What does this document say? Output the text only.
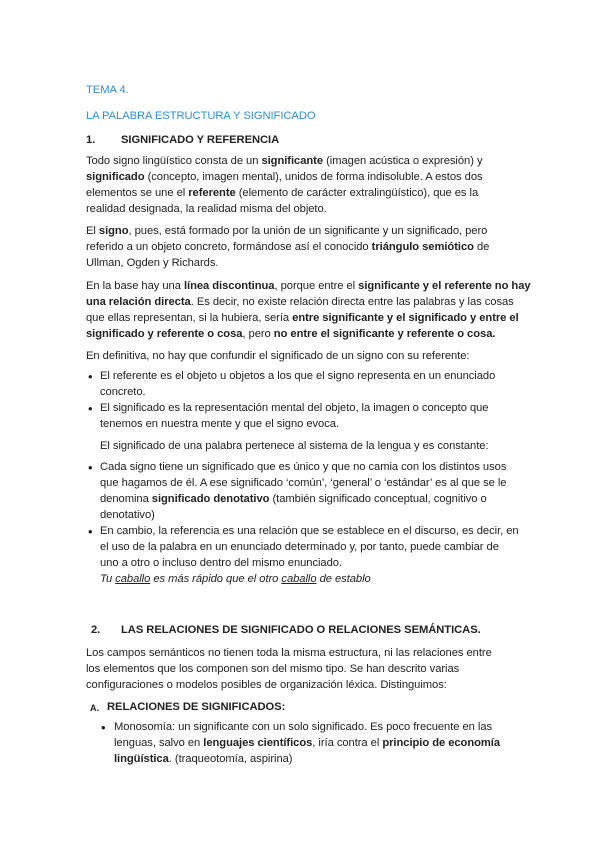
TEMA 4.
LA PALABRA ESTRUCTURA Y SIGNIFICADO
1. SIGNIFICADO Y REFERENCIA
Todo signo lingüístico consta de un significante (imagen acústica o expresión) y
significado (concepto, imagen mental), unidos de forma indisoluble. A estos dos
elementos se une el referente (elemento de carácter extralingüístico), que es la
realidad designada, la realidad misma del objeto.
El signo, pues, está formado por la unión de un significante y un significado, pero
referido a un objeto concreto, formándose así el conocido triángulo semiótico de
Ullman, Ogden y Richards.
En la base hay una línea discontinua, porque entre el significante y el referente no hay
una relación directa. Es decir, no existe relación directa entre las palabras y las cosas
que ellas representan, si la hubiera, sería entre significante y el significado y entre el
significado y referente o cosa, pero no entre el significante y referente o cosa.
En definitiva, no hay que confundir el significado de un signo con su referente:
• El referente es el objeto u objetos a los que el signo representa en un enunciado
concreto.
• El significado es la representación mental del objeto, la imagen o concepto que
tenemos en nuestra mente y que el signo evoca.
El significado de una palabra pertenece al sistema de la lengua y es constante:
• Cada signo tiene un significado que es único y que no camia con los distintos usos
que hagamos de él. A ese significado ‘común’, ‘general’ o ‘estándar’ es al que se le
denomina significado denotativo (también significado conceptual, cognitivo o
denotativo)
• En cambio, la referencia es una relación que se establece en el discurso, es decir, en
el uso de la palabra en un enunciado determinado y, por tanto, puede cambiar de
uno a otro o incluso dentro del mismo enunciado.
Tu caballo es más rápido que el otro caballo de establo
2. LAS RELACIONES DE SIGNIFICADO O RELACIONES SEMÁNTICAS.
Los campos semánticos no tienen toda la misma estructura, ni las relaciones entre
los elementos que los componen son del mismo tipo. Se han descrito varias
configuraciones o modelos posibles de organización léxica. Distinguimos:
A. RELACIONES DE SIGNIFICADOS:
• Monosomía: un significante con un solo significado. Es poco frecuente en las
lenguas, salvo en lenguajes científicos, iría contra el principio de economía
lingüística. (traqueotomía, aspirina)
